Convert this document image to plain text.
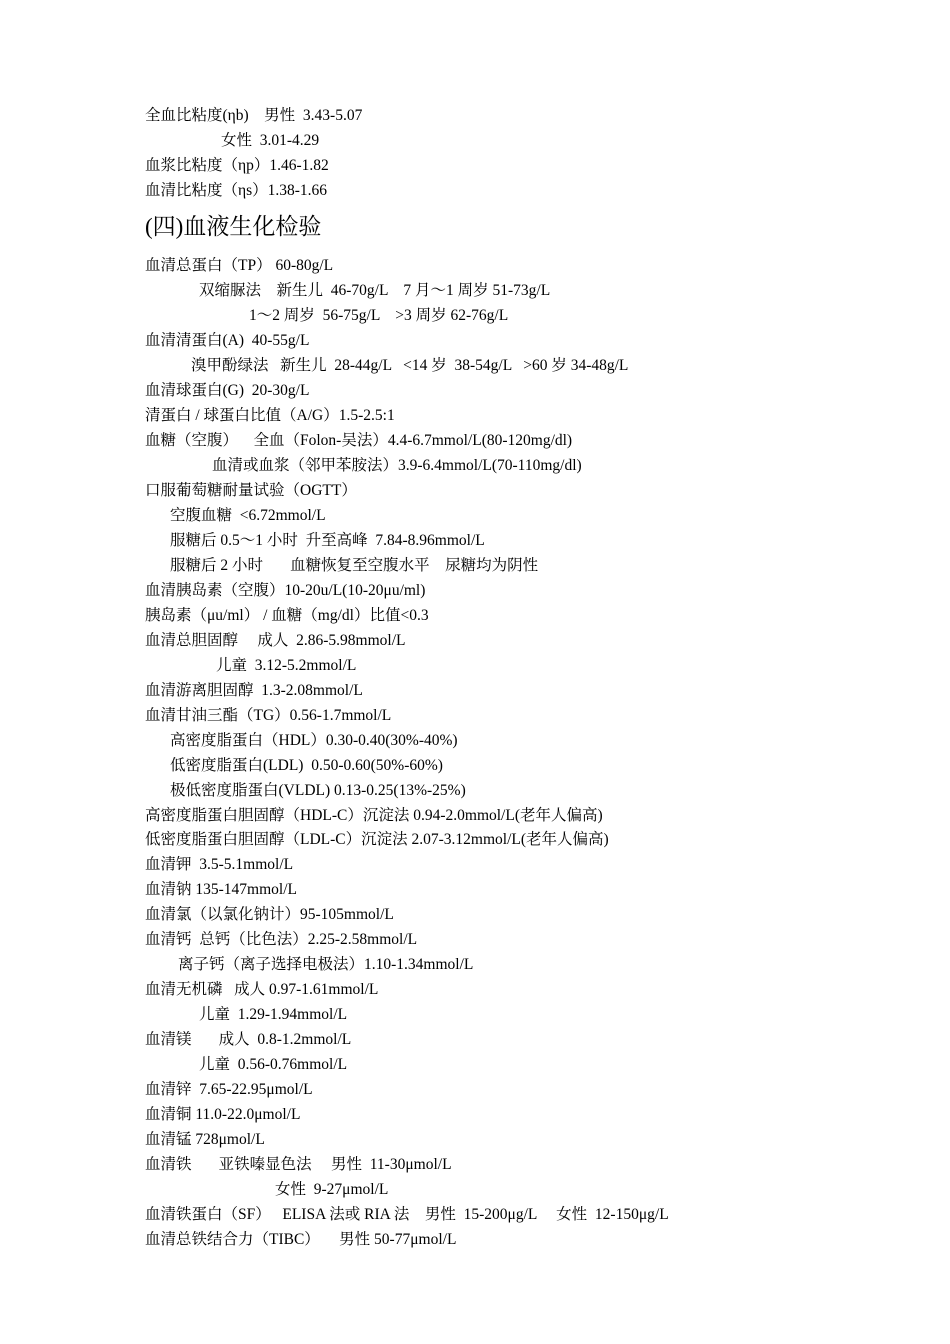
全血比粘度(ηb)    男性  3.43-5.07
女性  3.01-4.29
血浆比粘度（ηp）1.46-1.82
血清比粘度（ηs）1.38-1.66
(四)血液生化检验
血清总蛋白（TP） 60-80g/L
双缩脲法    新生儿  46-70g/L    7 月～1 周岁 51-73g/L
1～2 周岁  56-75g/L    >3 周岁 62-76g/L
血清清蛋白(A)  40-55g/L
溴甲酚绿法   新生儿  28-44g/L   <14 岁  38-54g/L   >60 岁 34-48g/L
血清球蛋白(G)  20-30g/L
清蛋白 / 球蛋白比值（A/G）1.5-2.5:1
血糖（空腹）    全血（Folon-吴法）4.4-6.7mmol/L(80-120mg/dl)
血清或血浆（邻甲苯胺法）3.9-6.4mmol/L(70-110mg/dl)
口服葡萄糖耐量试验（OGTT）
空腹血糖  <6.72mmol/L
服糖后 0.5～1 小时  升至高峰  7.84-8.96mmol/L
服糖后 2 小时       血糖恢复至空腹水平    尿糖均为阴性
血清胰岛素（空腹）10-20u/L(10-20μu/ml)
胰岛素（μu/ml） / 血糖（mg/dl）比值<0.3
血清总胆固醇     成人  2.86-5.98mmol/L
儿童  3.12-5.2mmol/L
血清游离胆固醇  1.3-2.08mmol/L
血清甘油三酯（TG）0.56-1.7mmol/L
高密度脂蛋白（HDL）0.30-0.40(30%-40%)
低密度脂蛋白(LDL)  0.50-0.60(50%-60%)
极低密度脂蛋白(VLDL) 0.13-0.25(13%-25%)
高密度脂蛋白胆固醇（HDL-C）沉淀法 0.94-2.0mmol/L(老年人偏高)
低密度脂蛋白胆固醇（LDL-C）沉淀法 2.07-3.12mmol/L(老年人偏高)
血清钾  3.5-5.1mmol/L
血清钠 135-147mmol/L
血清氯（以氯化钠计）95-105mmol/L
血清钙  总钙（比色法）2.25-2.58mmol/L
离子钙（离子选择电极法）1.10-1.34mmol/L
血清无机磷   成人 0.97-1.61mmol/L
儿童  1.29-1.94mmol/L
血清镁       成人  0.8-1.2mmol/L
儿童  0.56-0.76mmol/L
血清锌  7.65-22.95μmol/L
血清铜 11.0-22.0μmol/L
血清锰 728μmol/L
血清铁       亚铁嗪显色法     男性  11-30μmol/L
女性  9-27μmol/L
血清铁蛋白（SF）   ELISA 法或 RIA 法    男性  15-200μg/L     女性  12-150μg/L
血清总铁结合力（TIBC）     男性 50-77μmol/L
